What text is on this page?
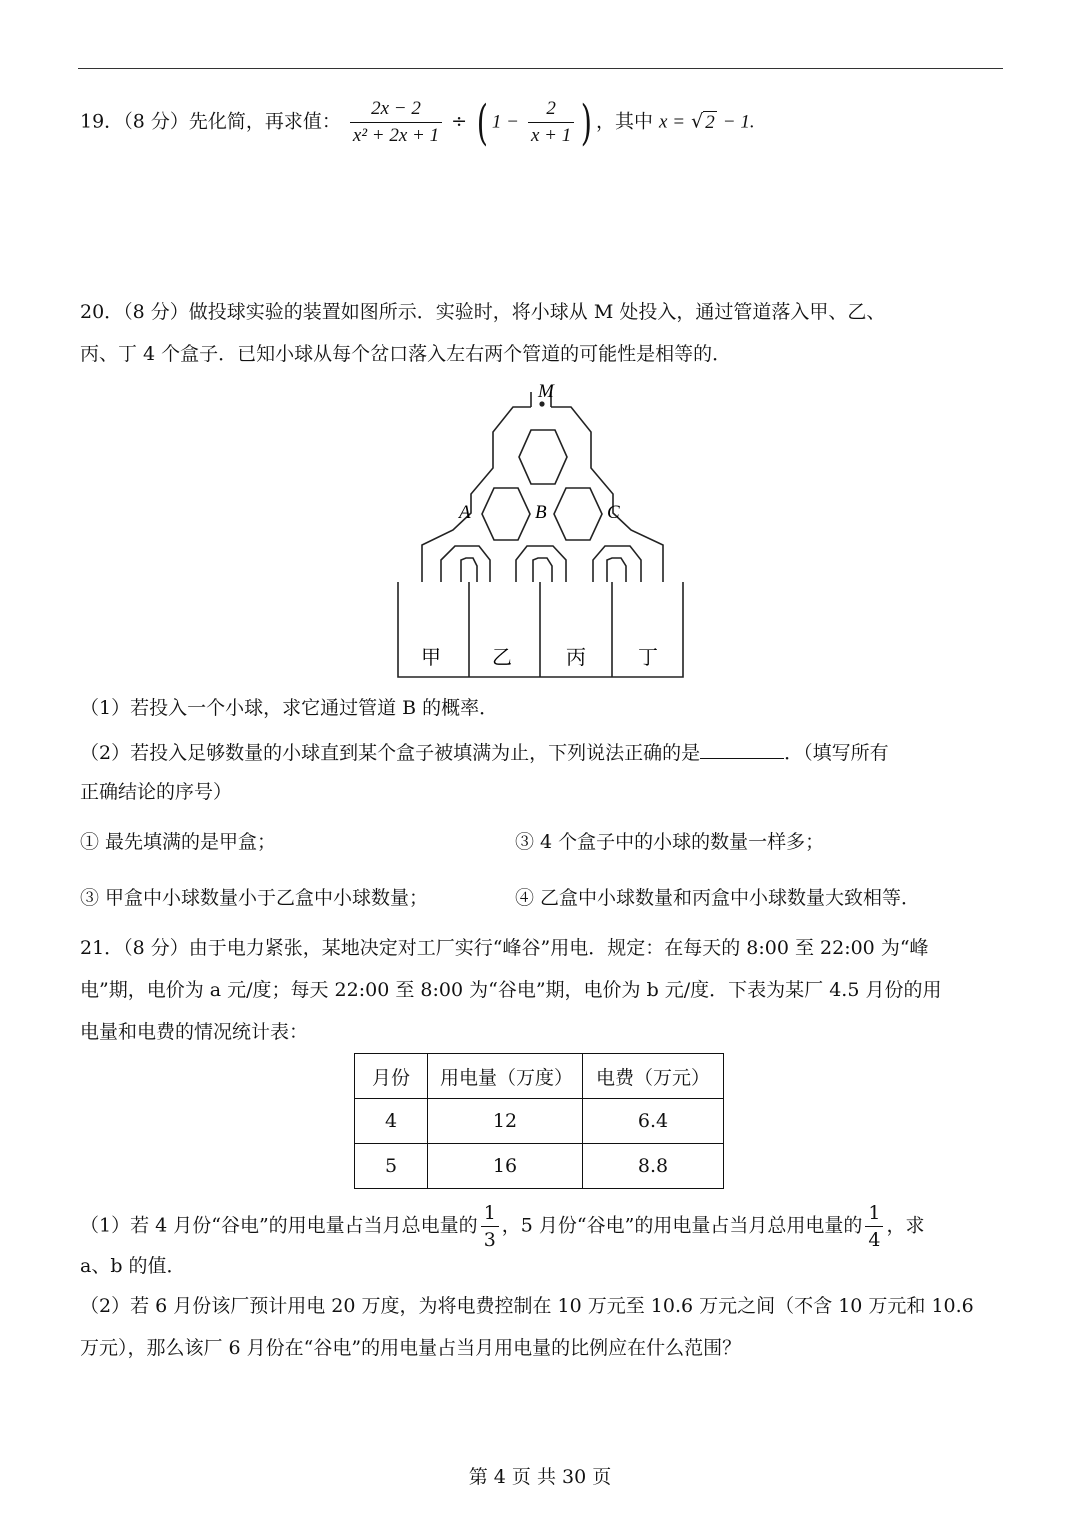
19．（8 分）先化简，再求值： $\frac{2x - 2}{\text{x² + 2x + 1}}$ ÷ ( $1 - \frac{2}{x + 1}$ ) ，其中 x = √ 2 − 1.
20．（8 分）做投球实验的装置如图所示．实验时，将小球从 M 处投入，通过管道落入甲、乙、
丙、丁 4 个盒子．已知小球从每个岔口落入左右两个管道的可能性是相等的．
M
A	B	C
甲	乙	丙	丁
（1）若投入一个小球，求它通过管道 B 的概率．
（2）若投入足够数量的小球直到某个盒子被填满为止，下列说法正确的是	．（填写所有
正确结论的序号）
① 最先填满的是甲盒；	③ 4 个盒子中的小球的数量一样多；
③ 甲盒中小球数量小于乙盒中小球数量；	④ 乙盒中小球数量和丙盒中小球数量大致相等．
21．（8 分）由于电力紧张，某地决定对工厂实行“峰谷”用电．规定：在每天的 8:00 至 22:00 为“峰
电”期，电价为 a 元/度；每天 22:00 至 8:00 为“谷电”期，电价为 b 元/度．下表为某厂 4.5 月份的用
电量和电费的情况统计表：
月份	用电量（万度）	电费（万元）
4	12	6.4
5	16	8.8
（1）若 4 月份“谷电”的用电量占当月总电量的 $\frac{1}{3}$ ，5 月份“谷电”的用电量占当月总用电量的 $\frac{1}{4}$ ，求
a、b 的值．
（2）若 6 月份该厂预计用电 20 万度，为将电费控制在 10 万元至 10.6 万元之间（不含 10 万元和 10.6
万元），那么该厂 6 月份在“谷电”的用电量占当月用电量的比例应在什么范围？
第 4 页 共 30 页
